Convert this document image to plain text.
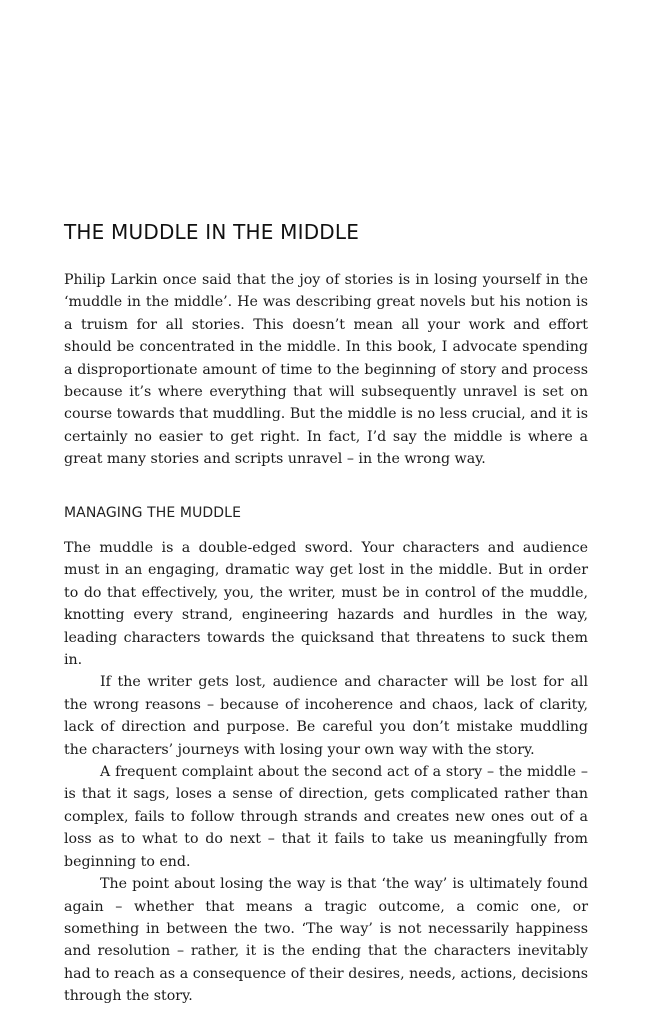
THE MUDDLE IN THE MIDDLE

Philip Larkin once said that the joy of stories is in losing yourself in the ‘muddle in the middle’. He was describing great novels but his notion is a truism for all stories. This doesn’t mean all your work and effort should be concentrated in the middle. In this book, I advocate spending a disproportionate amount of time to the beginning of story and process because it’s where everything that will subsequently unravel is set on course towards that muddling. But the middle is no less crucial, and it is certainly no easier to get right. In fact, I’d say the middle is where a great many stories and scripts unravel – in the wrong way.

MANAGING THE MUDDLE

The muddle is a double-edged sword. Your characters and audience must in an engaging, dramatic way get lost in the middle. But in order to do that effectively, you, the writer, must be in control of the muddle, knotting every strand, engineering hazards and hurdles in the way, leading characters towards the quicksand that threatens to suck them in.

If the writer gets lost, audience and character will be lost for all the wrong reasons – because of incoherence and chaos, lack of clarity, lack of direction and purpose. Be careful you don’t mistake muddling the characters’ journeys with losing your own way with the story.

A frequent complaint about the second act of a story – the middle – is that it sags, loses a sense of direction, gets complicated rather than complex, fails to follow through strands and creates new ones out of a loss as to what to do next – that it fails to take us meaningfully from beginning to end.

The point about losing the way is that ‘the way’ is ultimately found again – whether that means a tragic outcome, a comic one, or something in between the two. ‘The way’ is not necessarily happiness and resolution – rather, it is the ending that the characters inevitably had to reach as a consequence of their desires, needs, actions, decisions through the story.
